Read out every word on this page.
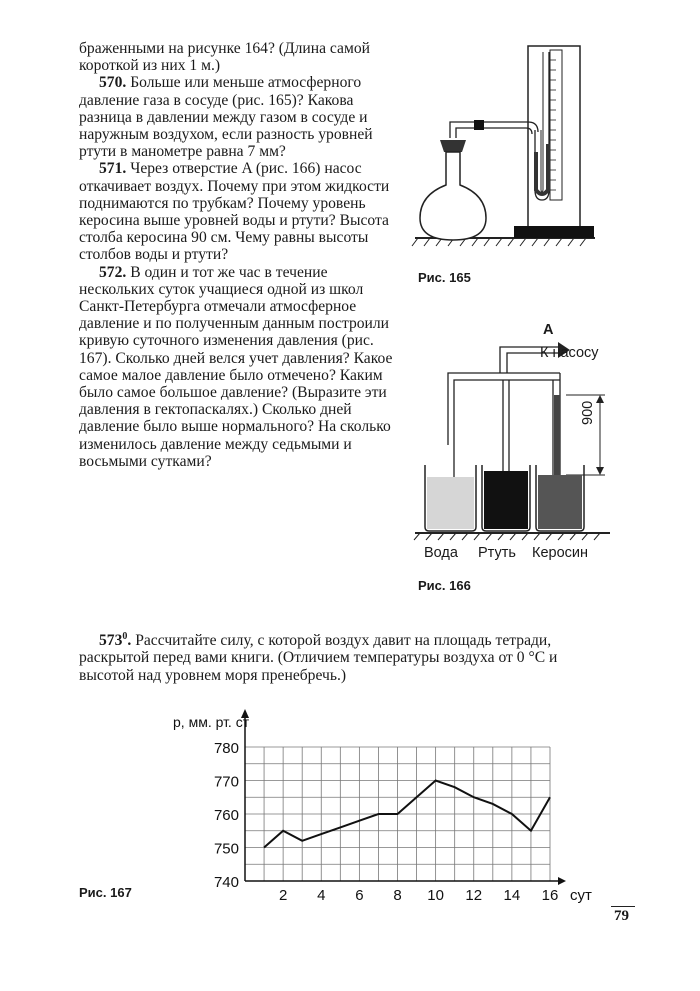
браженными на рисунке 164? (Длина самой короткой из них 1 м.)

570. Больше или меньше атмосферного давление газа в сосуде (рис. 165)? Какова разница в давлении между газом в сосуде и наружным воздухом, если разность уровней ртути в манометре равна 7 мм?

571. Через отверстие A (рис. 166) насос откачивает воздух. Почему при этом жидкости поднимаются по трубкам? Почему уровень керосина выше уровней воды и ртути? Высота столба керосина 90 см. Чему равны высоты столбов воды и ртути?

572. В один и тот же час в течение нескольких суток учащиеся одной из школ Санкт-Петербурга отмечали атмосферное давление и по полученным данным построили кривую суточного изменения давления (рис. 167). Сколько дней велся учет давления? Какое самое малое давление было отмечено? Каким было самое большое давление? (Выразите эти давления в гектопаскалях.) Сколько дней давление было выше нормального? На сколько изменилось давление между седьмыми и восьмыми сутками?

$573^0$. Рассчитайте силу, с которой воздух давит на площадь тетради, раскрытой перед вами книги. (Отличием температуры воздуха от 0 °С и высотой над уровнем моря пренебречь.)

Рис. 165
A
К насосу
900
Вода Ртуть Керосин
Рис. 166
740
750
760
770
780
2 4 6 8 10 12 14 16
p, мм. рт. ст
сут
Рис. 167
79
